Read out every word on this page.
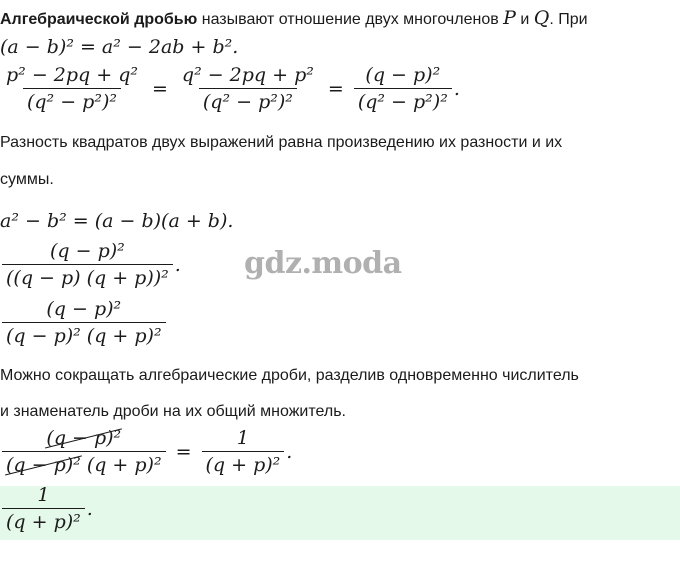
Алгебраической дробью называют отношение двух многочленов P и Q. При
(a − b)² = a² − 2ab + b².
$\frac{\text{p² − 2pq + q²}}{\text{(q² − p²)²}} = \frac{\text{q² − 2pq + p²}}{\text{(q² − p²)²}} = \frac{\text{(q − p)²}}{\text{(q² − p²)²}}$ .
Разность квадратов двух выражений равна произведению их разности и их
суммы.
a² − b² = (a − b)(a + b).
$\frac{\text{(q − p)²}}{\text{((q − p) (q + p))²}}$ .
$\frac{\text{(q − p)²}}{\text{(q − p)² (q + p)²}}$
Можно сокращать алгебраические дроби, разделив одновременно числитель
и знаменатель дроби на их общий множитель.
$\frac{\text{(q − p)²}}{\text{(q − p)² (q + p)²}} = \frac{1}{\text{(q + p)²}}$ .
$\frac{1}{\text{(q + p)²}}$ .
gdz.moda
